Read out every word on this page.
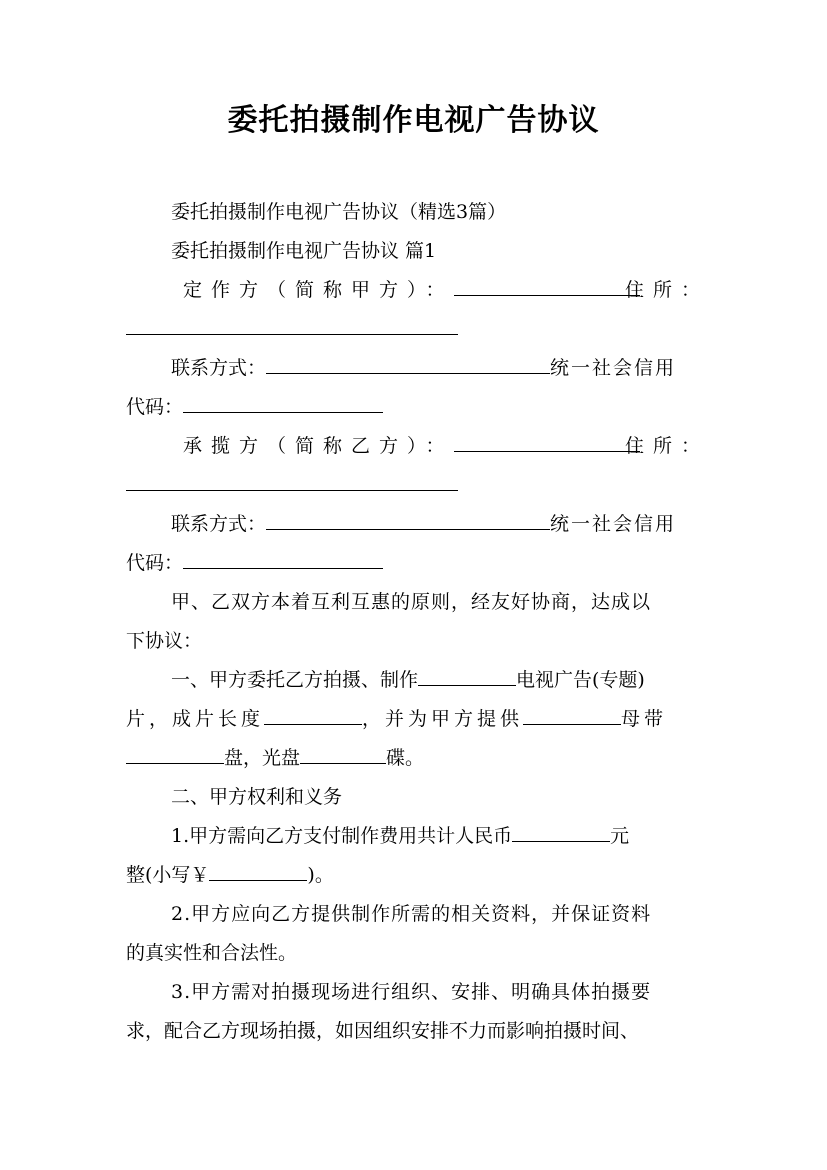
委托拍摄制作电视广告协议
委托拍摄制作电视广告协议（精选3篇）
委托拍摄制作电视广告协议 篇1
定作方（简称甲方）：	住所：
联系方式：	统一社会信用
代码：
承揽方（简称乙方）：	住所：
联系方式：	统一社会信用
代码：
甲、乙双方本着互利互惠的原则，经友好协商，达成以
下协议：
一、甲方委托乙方拍摄、制作	电视广告(专题)
片，成片长度	，并为甲方提供	母带
盘，光盘	碟。
二、甲方权利和义务
1.甲方需向乙方支付制作费用共计人民币	元
整(小写￥	)。
2.甲方应向乙方提供制作所需的相关资料，并保证资料
的真实性和合法性。
3.甲方需对拍摄现场进行组织、安排、明确具体拍摄要
求，配合乙方现场拍摄，如因组织安排不力而影响拍摄时间、
